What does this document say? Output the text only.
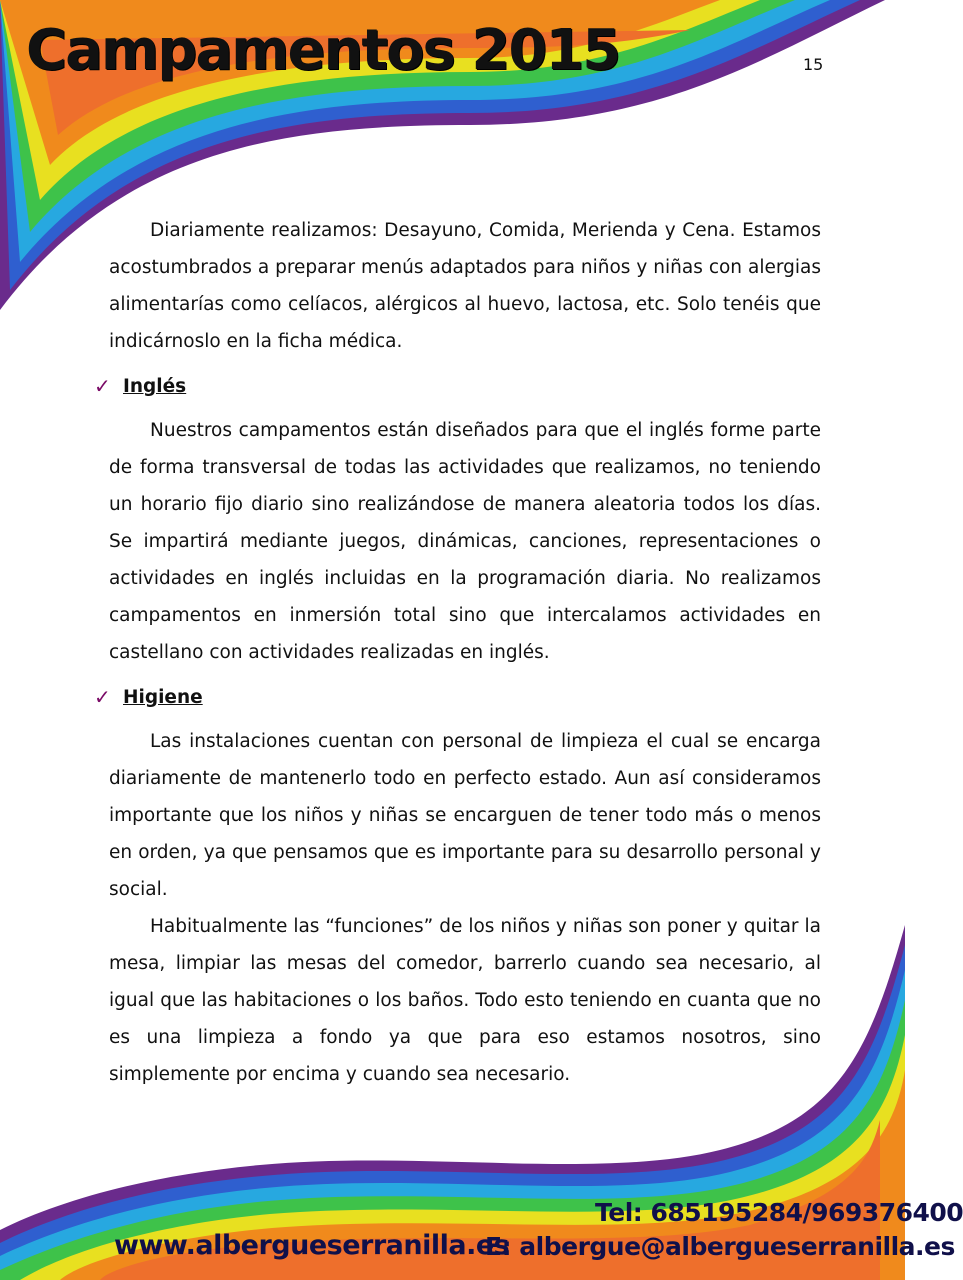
Campamentos 2015	15

Diariamente realizamos: Desayuno, Comida, Merienda y Cena. Estamos acostumbrados a preparar menús adaptados para niños y niñas con alergias alimentarías como celíacos, alérgicos al huevo, lactosa, etc. Solo tenéis que indicárnoslo en la ficha médica.

✓ Inglés

Nuestros campamentos están diseñados para que el inglés forme parte de forma transversal de todas las actividades que realizamos, no teniendo un horario fijo diario sino realizándose de manera aleatoria todos los días. Se impartirá mediante juegos, dinámicas, canciones, representaciones o actividades en inglés incluidas en la programación diaria. No realizamos campamentos en inmersión total sino que intercalamos actividades en castellano con actividades realizadas en inglés.

✓ Higiene

Las instalaciones cuentan con personal de limpieza el cual se encarga diariamente de mantenerlo todo en perfecto estado. Aun así consideramos importante que los niños y niñas se encarguen de tener todo más o menos en orden, ya que pensamos que es importante para su desarrollo personal y social.

Habitualmente las “funciones” de los niños y niñas son poner y quitar la mesa, limpiar las mesas del comedor, barrerlo cuando sea necesario, al igual que las habitaciones o los baños. Todo esto teniendo en cuanta que no es una limpieza a fondo ya que para eso estamos nosotros, sino simplemente por encima y cuando sea necesario.

Tel: 685195284/969376400
www.albergueserranilla.es
E: albergue@albergueserranilla.es
